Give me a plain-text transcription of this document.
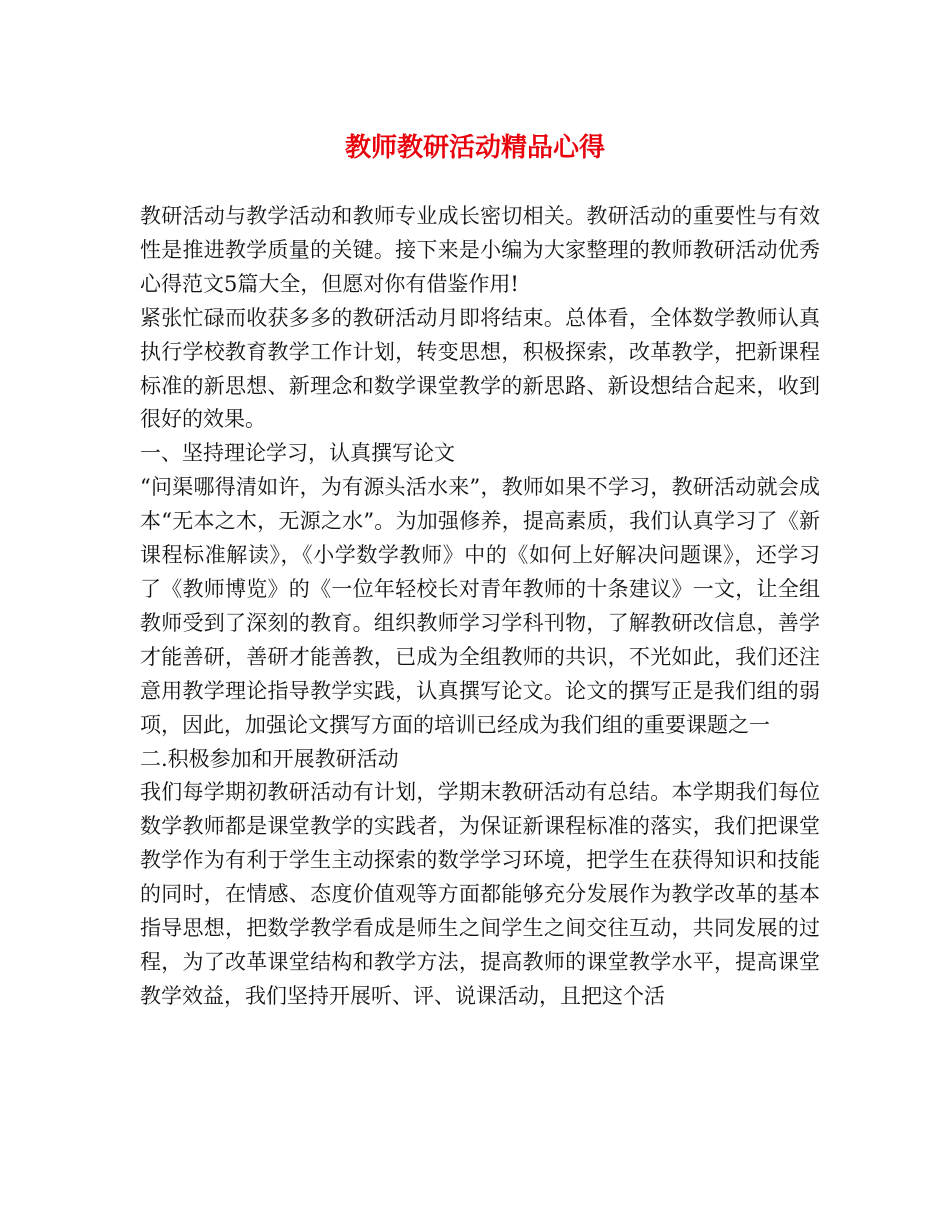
教师教研活动精品心得

教研活动与教学活动和教师专业成长密切相关。教研活动的重要性与有效性是推进教学质量的关键。接下来是小编为大家整理的教师教研活动优秀心得范文5篇大全，但愿对你有借鉴作用!

紧张忙碌而收获多多的教研活动月即将结束。总体看，全体数学教师认真执行学校教育教学工作计划，转变思想，积极探索，改革教学，把新课程标准的新思想、新理念和数学课堂教学的新思路、新设想结合起来，收到很好的效果。

一、坚持理论学习，认真撰写论文

“问渠哪得清如许，为有源头活水来”，教师如果不学习，教研活动就会成本“无本之木，无源之水”。为加强修养，提高素质，我们认真学习了《新课程标准解读》，《小学数学教师》中的《如何上好解决问题课》，还学习了《教师博览》的《一位年轻校长对青年教师的十条建议》一文，让全组教师受到了深刻的教育。组织教师学习学科刊物，了解教研改信息，善学才能善研，善研才能善教，已成为全组教师的共识，不光如此，我们还注意用教学理论指导教学实践，认真撰写论文。论文的撰写正是我们组的弱项，因此，加强论文撰写方面的培训已经成为我们组的重要课题之一

二.积极参加和开展教研活动

我们每学期初教研活动有计划，学期末教研活动有总结。本学期我们每位数学教师都是课堂教学的实践者，为保证新课程标准的落实，我们把课堂教学作为有利于学生主动探索的数学学习环境，把学生在获得知识和技能的同时，在情感、态度价值观等方面都能够充分发展作为教学改革的基本指导思想，把数学教学看成是师生之间学生之间交往互动，共同发展的过程，为了改革课堂结构和教学方法，提高教师的课堂教学水平，提高课堂教学效益，我们坚持开展听、评、说课活动，且把这个活
